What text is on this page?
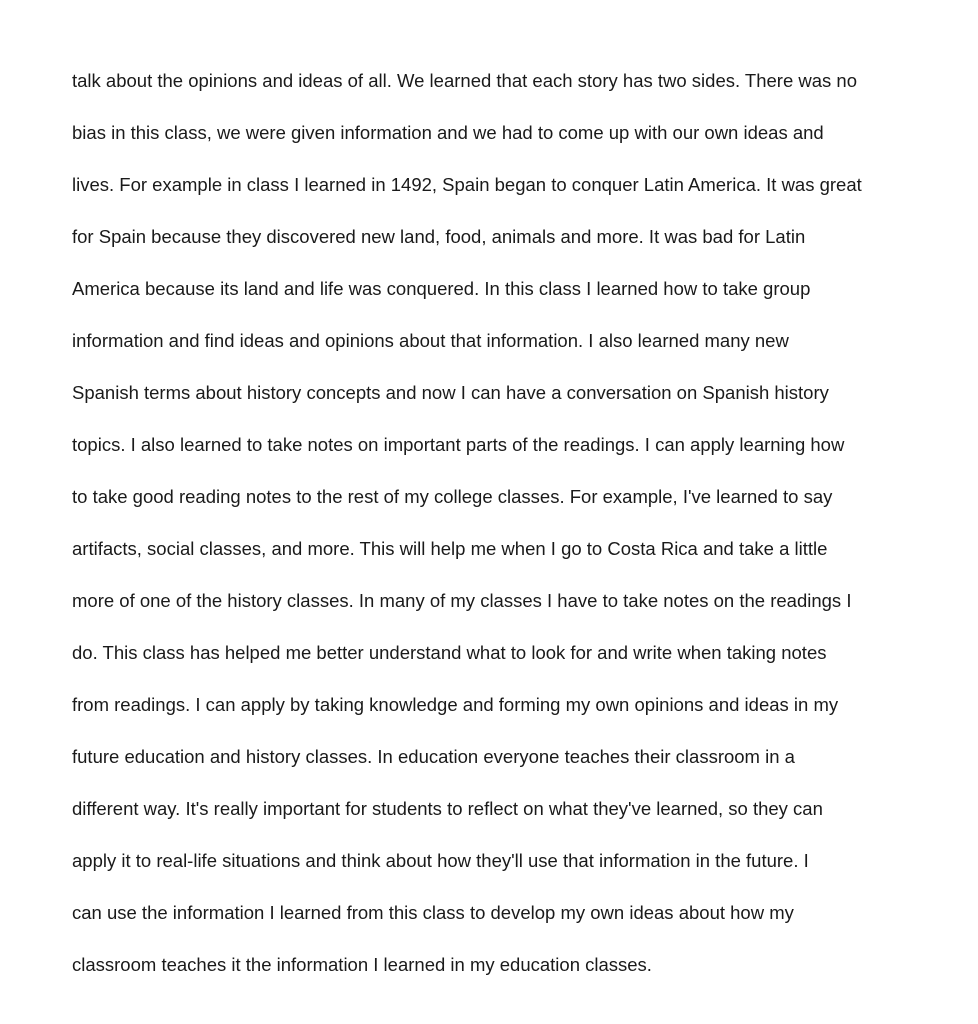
talk about the opinions and ideas of all. We learned that each story has two sides. There was no
bias in this class, we were given information and we had to come up with our own ideas and
lives. For example in class I learned in 1492, Spain began to conquer Latin America. It was great
for Spain because they discovered new land, food, animals and more. It was bad for Latin
America because its land and life was conquered. In this class I learned how to take group
information and find ideas and opinions about that information. I also learned many new
Spanish terms about history concepts and now I can have a conversation on Spanish history
topics. I also learned to take notes on important parts of the readings. I can apply learning how
to take good reading notes to the rest of my college classes. For example, I've learned to say
artifacts, social classes, and more. This will help me when I go to Costa Rica and take a little
more of one of the history classes. In many of my classes I have to take notes on the readings I
do. This class has helped me better understand what to look for and write when taking notes
from readings. I can apply by taking knowledge and forming my own opinions and ideas in my
future education and history classes. In education everyone teaches their classroom in a
different way. It's really important for students to reflect on what they've learned, so they can
apply it to real-life situations and think about how they'll use that information in the future. I
can use the information I learned from this class to develop my own ideas about how my
classroom teaches it the information I learned in my education classes.
